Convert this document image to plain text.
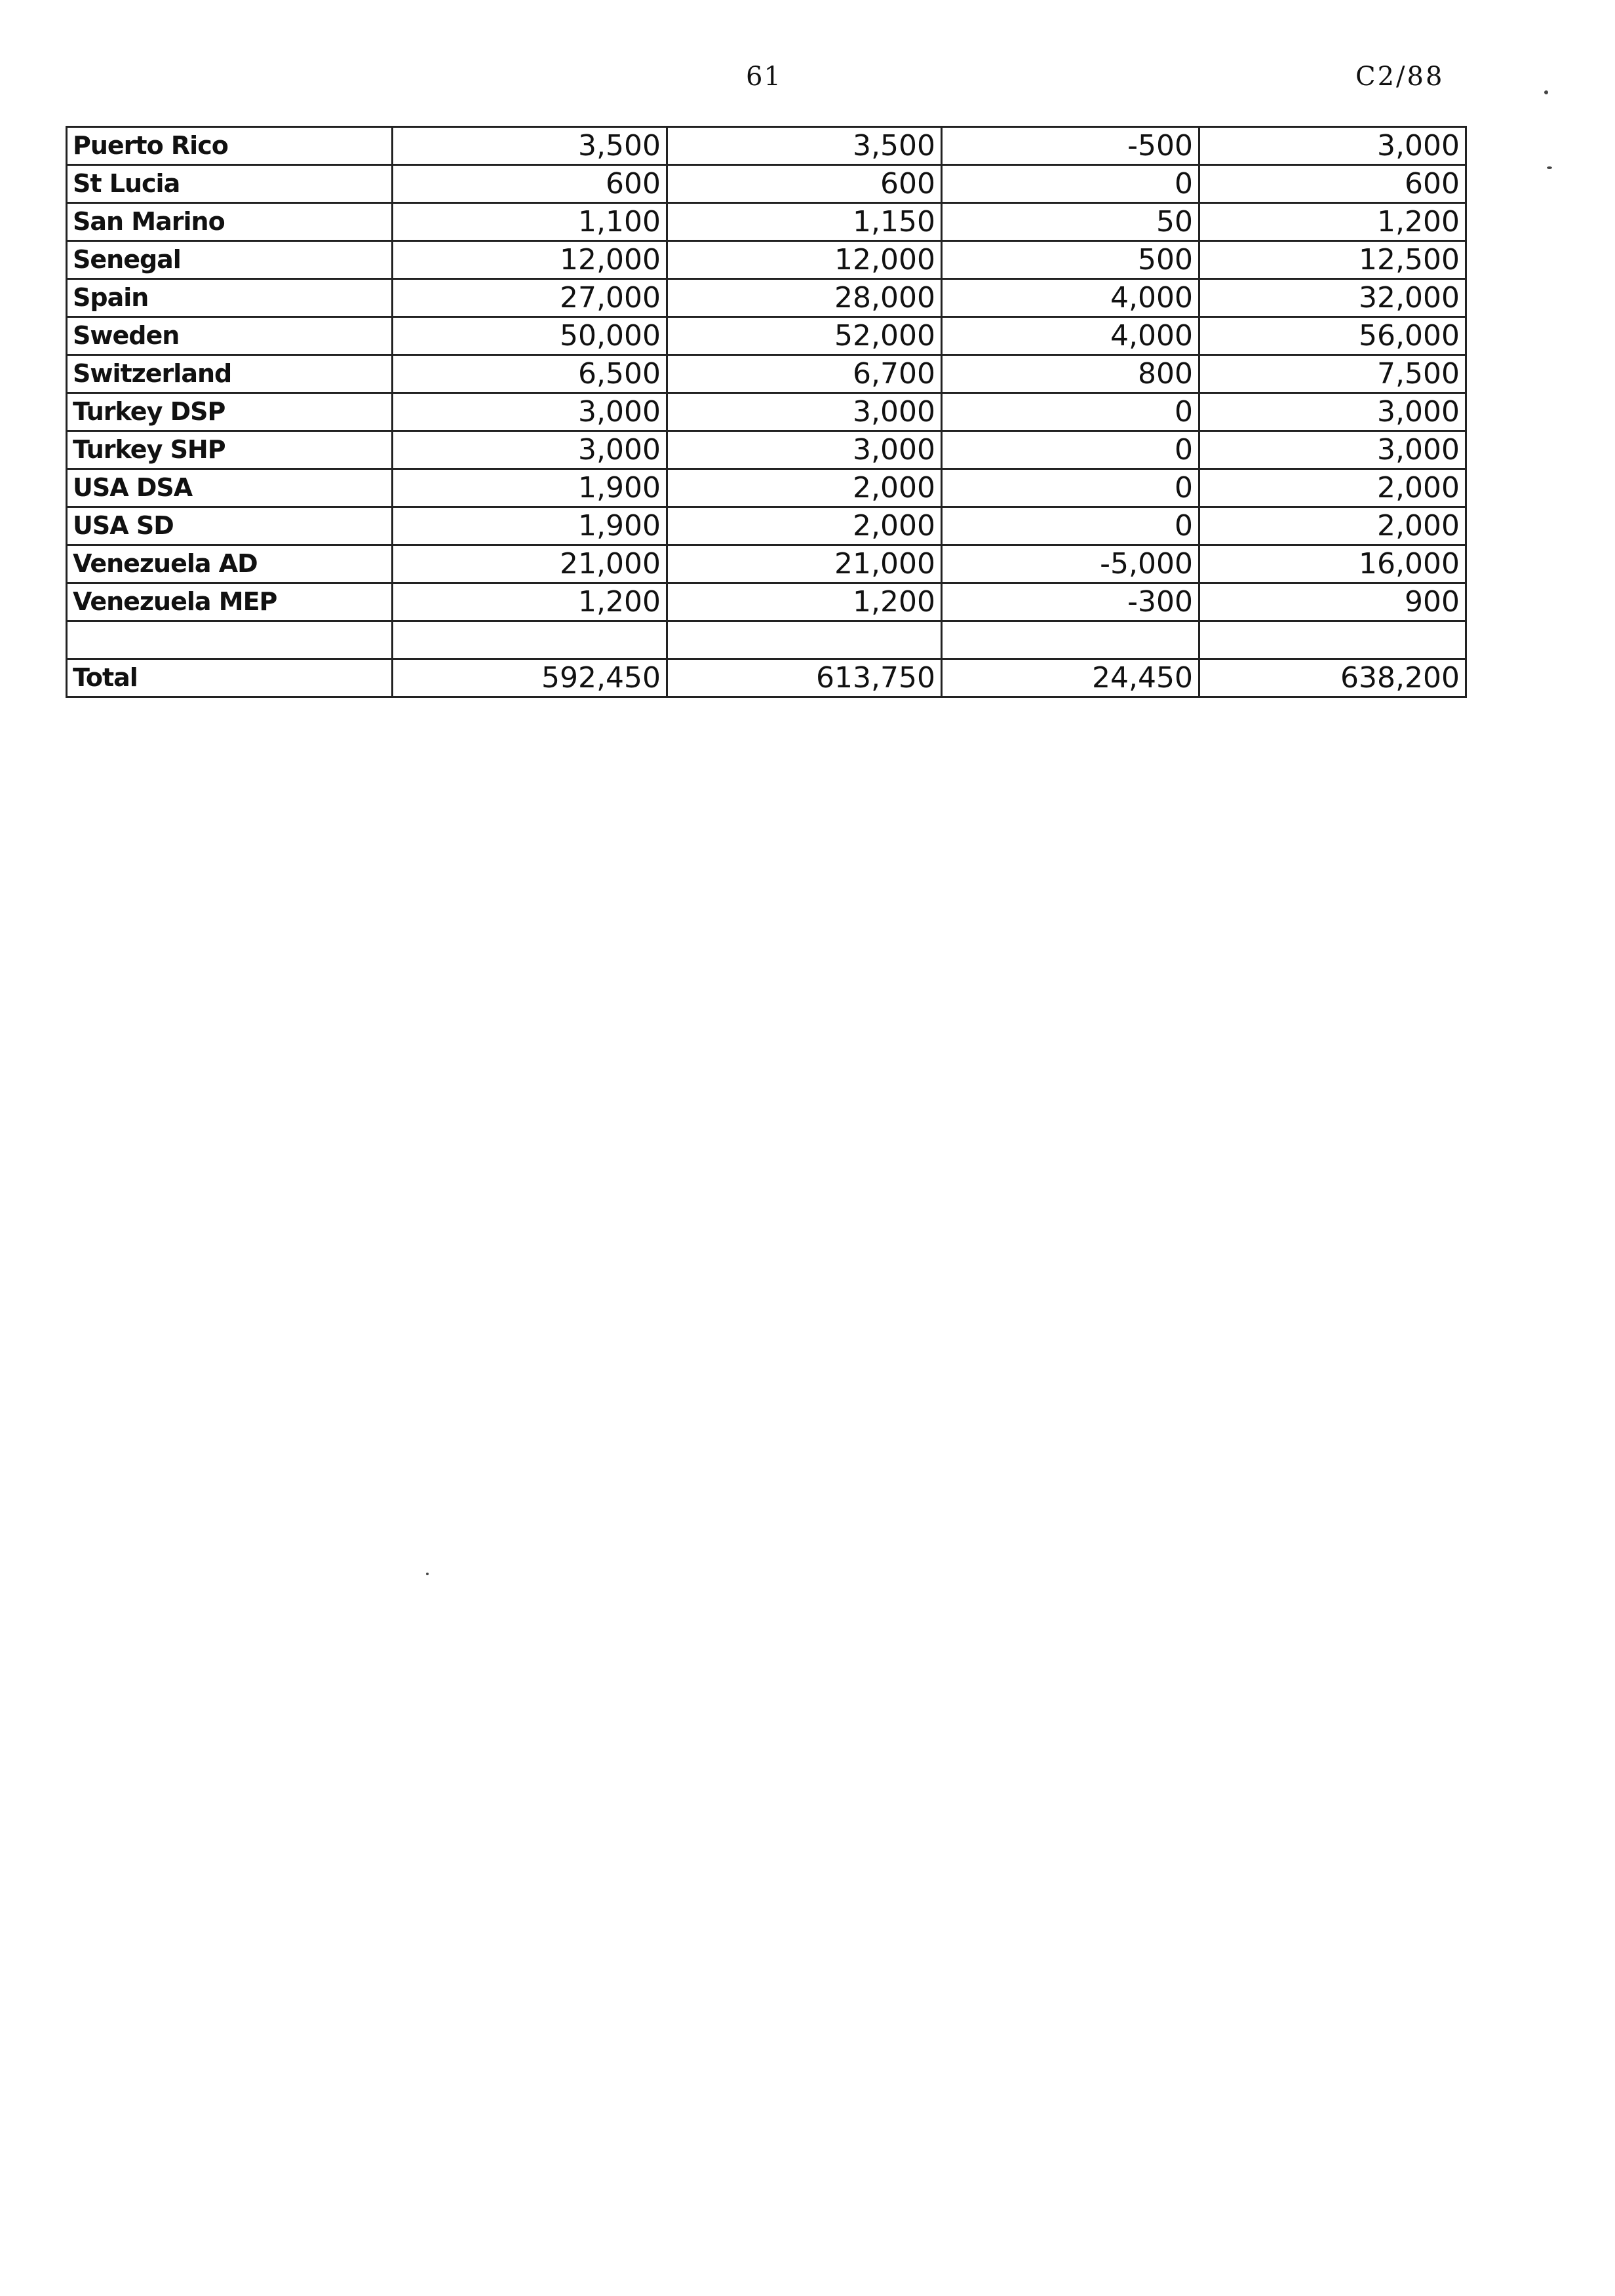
61	C2/88
Puerto Rico	3,500	3,500	-500	3,000
St Lucia	600	600	0	600
San Marino	1,100	1,150	50	1,200
Senegal	12,000	12,000	500	12,500
Spain	27,000	28,000	4,000	32,000
Sweden	50,000	52,000	4,000	56,000
Switzerland	6,500	6,700	800	7,500
Turkey DSP	3,000	3,000	0	3,000
Turkey SHP	3,000	3,000	0	3,000
USA DSA	1,900	2,000	0	2,000
USA SD	1,900	2,000	0	2,000
Venezuela AD	21,000	21,000	-5,000	16,000
Venezuela MEP	1,200	1,200	-300	900

Total	592,450	613,750	24,450	638,200
